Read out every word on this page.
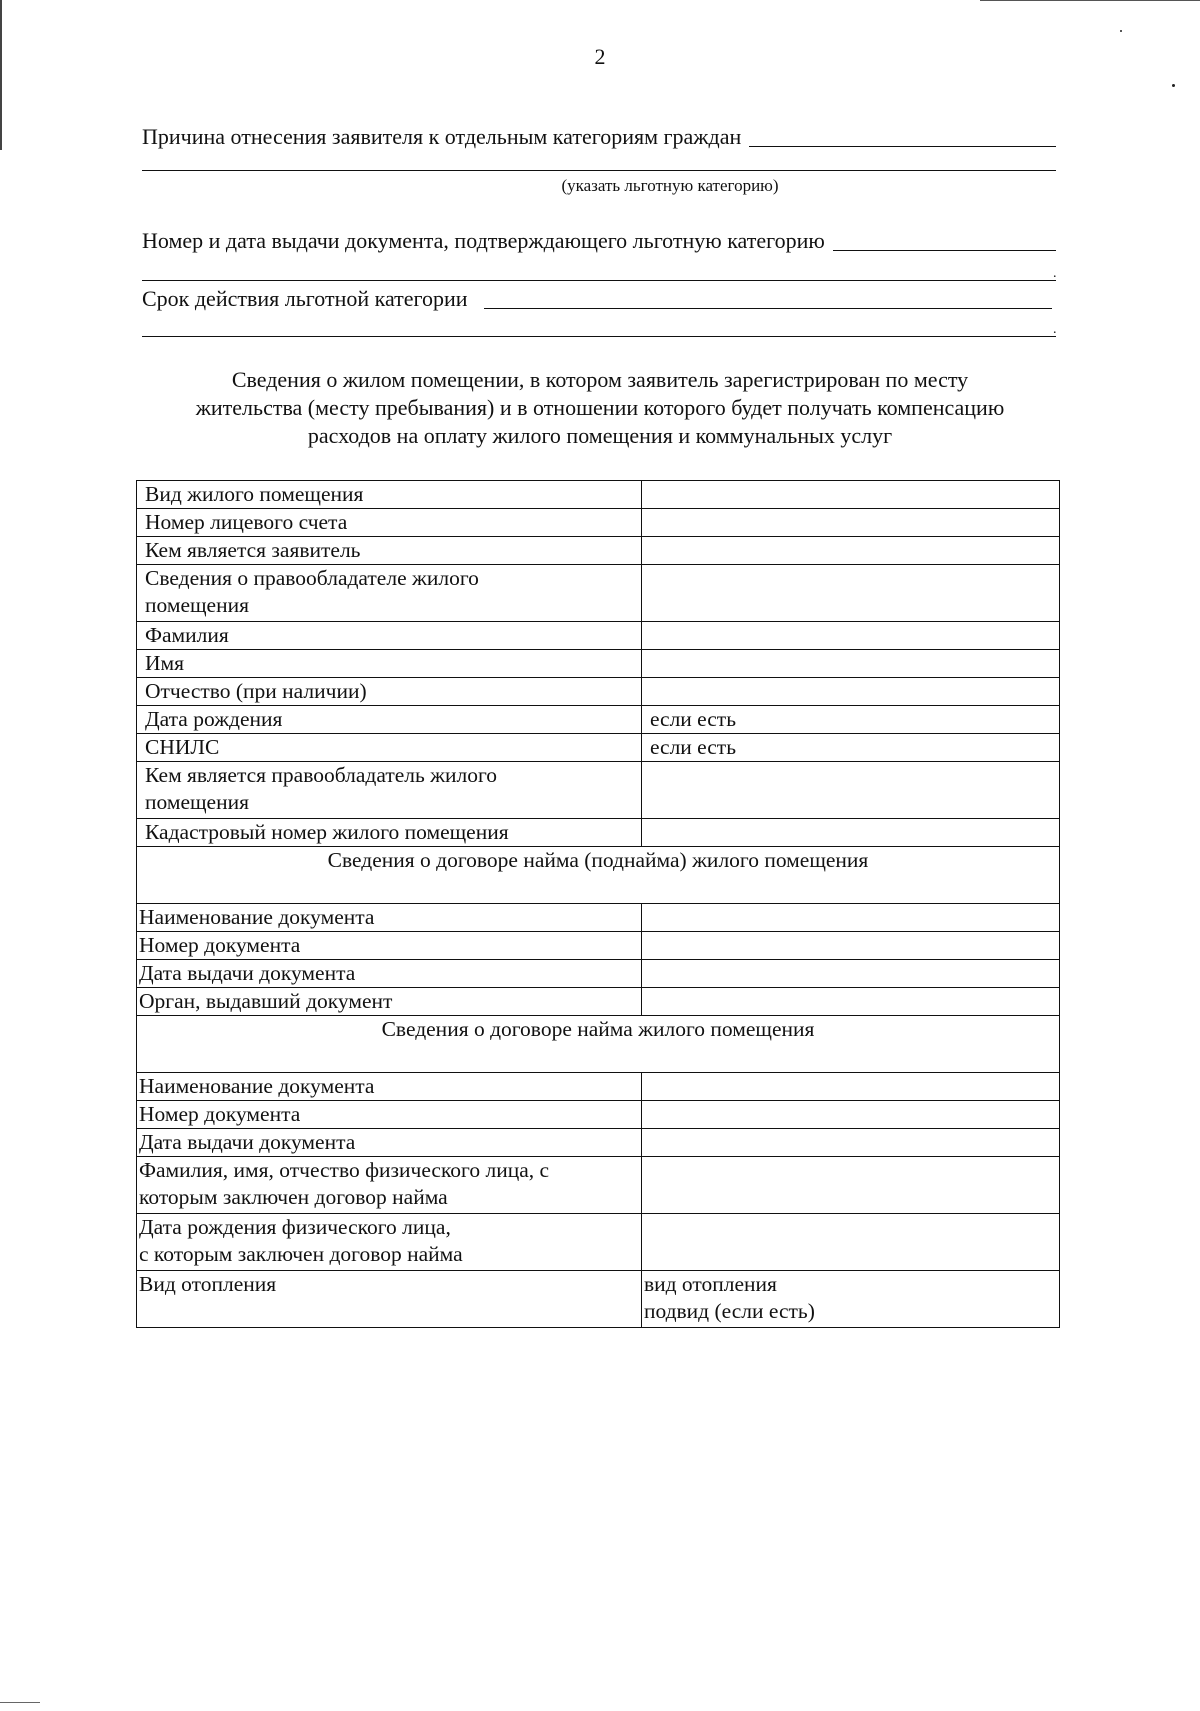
2
Причина отнесения заявителя к отдельным категориям граждан
(указать льготную категорию)
Номер и дата выдачи документа, подтверждающего льготную категорию
.
Срок действия льготной категории
.
Сведения о жилом помещении, в котором заявитель зарегистрирован по месту
жительства (месту пребывания) и в отношении которого будет получать компенсацию
расходов на оплату жилого помещения и коммунальных услуг
Вид жилого помещения	
Номер лицевого счета	
Кем является заявитель	

Сведения о правообладателе жилого
помещения	

Фамилия	
Имя	
Отчество (при наличии)	
Дата рождения	если есть
СНИЛС	если есть

Кем является правообладатель жилого
помещения	

Кадастровый номер жилого помещения	
Сведения о договоре найма (поднайма) жилого помещения	
Наименование документа	
Номер документа	
Дата выдачи документа	
Орган, выдавший документ	
Сведения о договоре найма жилого помещения	
Наименование документа	
Номер документа	
Дата выдачи документа	

Фамилия, имя, отчество физического лица, с
которым заключен договор найма	

Дата рождения физического лица,
с которым заключен договор найма	

Вид отопления	вид отопления
подвид (если есть)
